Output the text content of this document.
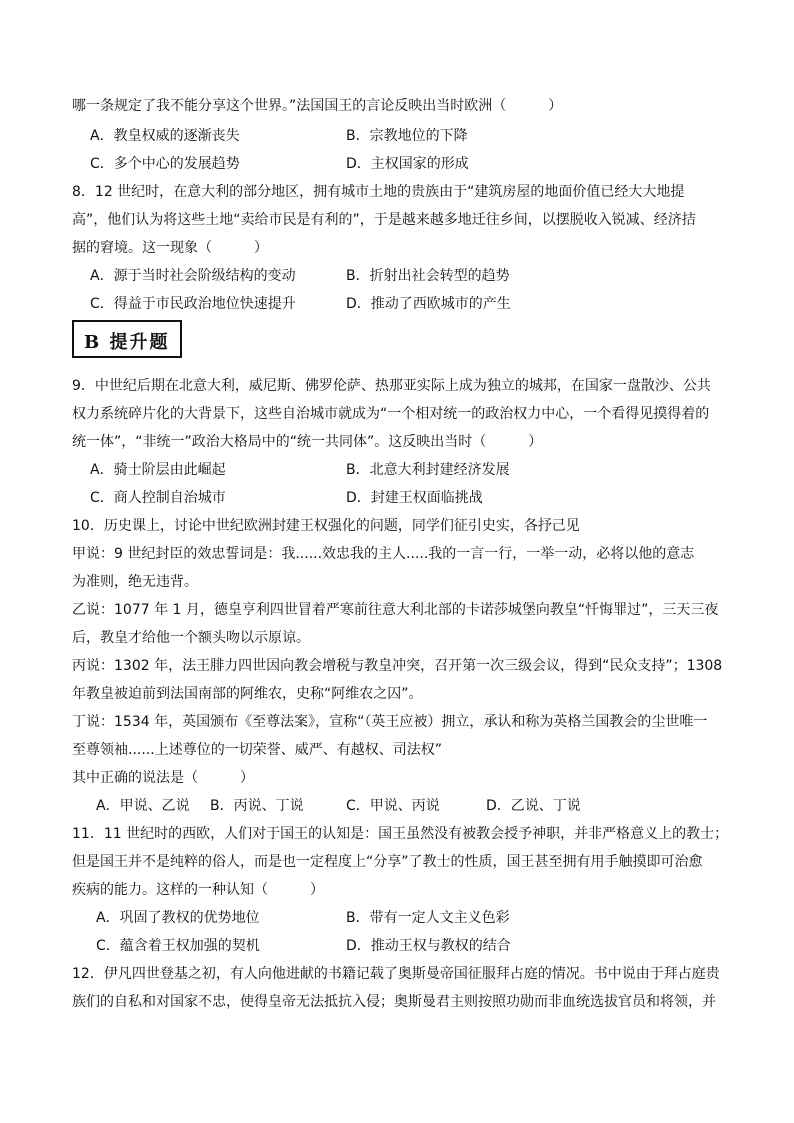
哪一条规定了我不能分享这个世界。”法国国王的言论反映出当时欧洲（　　　）
A．教皇权威的逐渐丧失	B．宗教地位的下降
C．多个中心的发展趋势	D．主权国家的形成
8．12 世纪时，在意大利的部分地区，拥有城市土地的贵族由于“建筑房屋的地面价值已经大大地提
高”，他们认为将这些土地“卖给市民是有利的”，于是越来越多地迁往乡间，以摆脱收入锐减、经济拮
据的窘境。这一现象（　　　）
A．源于当时社会阶级结构的变动	B．折射出社会转型的趋势
C．得益于市民政治地位快速提升	D．推动了西欧城市的产生
B 提升题
9．中世纪后期在北意大利，威尼斯、佛罗伦萨、热那亚实际上成为独立的城邦，在国家一盘散沙、公共
权力系统碎片化的大背景下，这些自治城市就成为“一个相对统一的政治权力中心，一个看得见摸得着的
统一体”，“非统一”政治大格局中的“统一共同体”。这反映出当时（　　　）
A．骑士阶层由此崛起	B．北意大利封建经济发展
C．商人控制自治城市	D．封建王权面临挑战
10．历史课上，讨论中世纪欧洲封建王权强化的问题，同学们征引史实，各抒己见
甲说：9 世纪封臣的效忠誓词是：我......效忠我的主人.....我的一言一行，一举一动，必将以他的意志
为准则，绝无违背。
乙说：1077 年 1 月，德皇亨利四世冒着严寒前往意大利北部的卡诺莎城堡向教皇“忏悔罪过”，三天三夜
后，教皇才给他一个额头吻以示原谅。
丙说：1302 年，法王腓力四世因向教会增税与教皇冲突，召开第一次三级会议，得到“民众支持”；1308
年教皇被迫前到法国南部的阿维农，史称“阿维农之囚”。
丁说：1534 年，英国颁布《至尊法案》，宣称“（英王应被）拥立，承认和称为英格兰国教会的尘世唯一
至尊领袖......上述尊位的一切荣誉、威严、有越权、司法权”
其中正确的说法是（　　　）
A．甲说、乙说 B．丙说、丁说	C．甲说、丙说	D．乙说、丁说
11．11 世纪时的西欧，人们对于国王的认知是：国王虽然没有被教会授予神职，并非严格意义上的教士；
但是国王并不是纯粹的俗人，而是也一定程度上“分享”了教士的性质，国王甚至拥有用手触摸即可治愈
疾病的能力。这样的一种认知（　　　）
A．巩固了教权的优势地位	B．带有一定人文主义色彩
C．蕴含着王权加强的契机	D．推动王权与教权的结合
12．伊凡四世登基之初，有人向他进献的书籍记载了奥斯曼帝国征服拜占庭的情况。书中说由于拜占庭贵
族们的自私和对国家不忠，使得皇帝无法抵抗入侵；奥斯曼君主则按照功勋而非血统选拔官员和将领，并
